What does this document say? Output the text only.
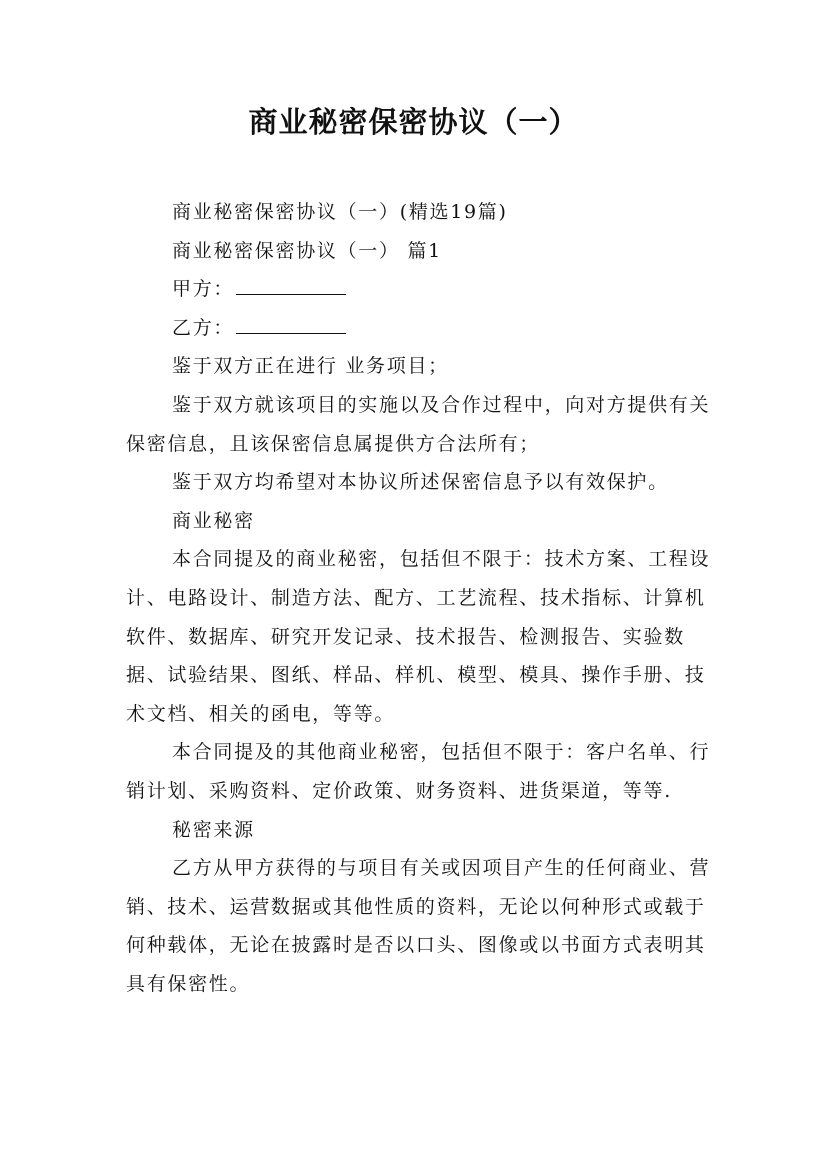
商业秘密保密协议（一）

商业秘密保密协议（一）(精选19篇)

商业秘密保密协议（一） 篇1

甲方：

乙方：

鉴于双方正在进行 业务项目；

鉴于双方就该项目的实施以及合作过程中，向对方提供有关保密信息，且该保密信息属提供方合法所有；

鉴于双方均希望对本协议所述保密信息予以有效保护。

商业秘密

本合同提及的商业秘密，包括但不限于：技术方案、工程设计、电路设计、制造方法、配方、工艺流程、技术指标、计算机软件、数据库、研究开发记录、技术报告、检测报告、实验数据、试验结果、图纸、样品、样机、模型、模具、操作手册、技术文档、相关的函电，等等。

本合同提及的其他商业秘密，包括但不限于：客户名单、行销计划、采购资料、定价政策、财务资料、进货渠道，等等.

秘密来源

乙方从甲方获得的与项目有关或因项目产生的任何商业、营销、技术、运营数据或其他性质的资料，无论以何种形式或载于何种载体，无论在披露时是否以口头、图像或以书面方式表明其具有保密性。
